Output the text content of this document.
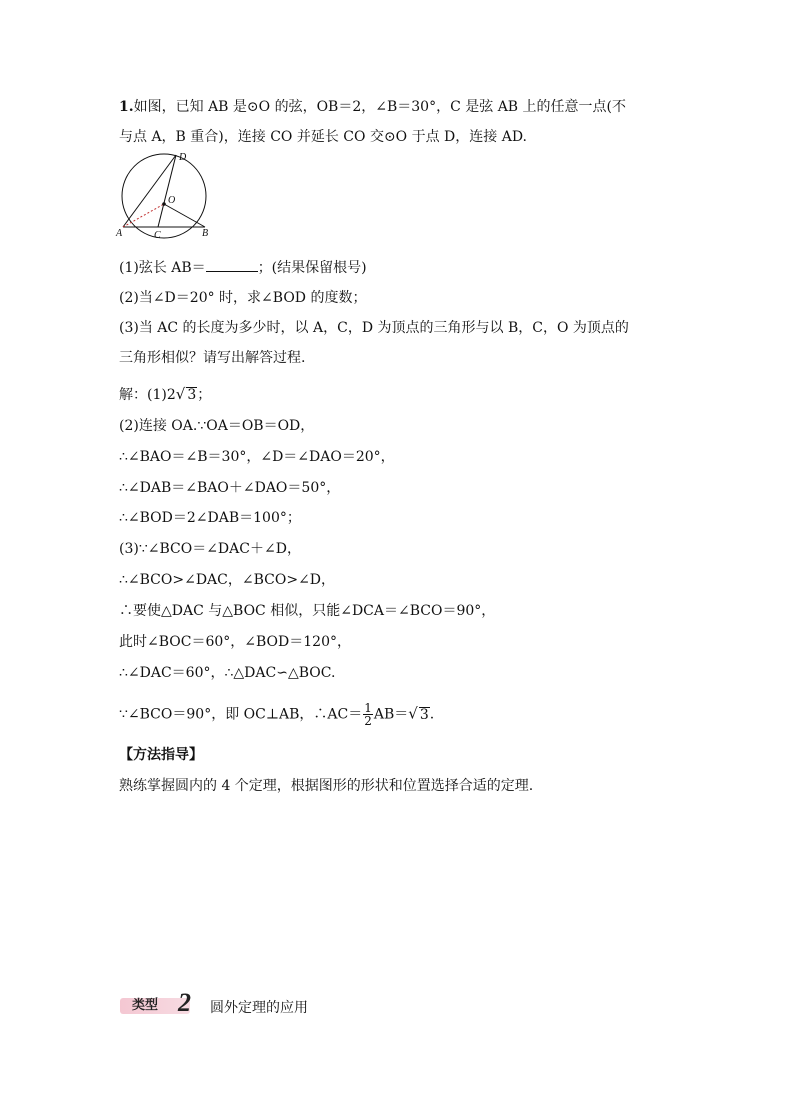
1.如图，已知 AB 是⊙O 的弦，OB＝2，∠B＝30°，C 是弦 AB 上的任意一点(不
与点 A，B 重合)，连接 CO 并延长 CO 交⊙O 于点 D，连接 AD.
D
O
A	C	B
(1)弦长 AB＝	；(结果保留根号)
(2)当∠D＝20° 时，求∠BOD 的度数；
(3)当 AC 的长度为多少时，以 A，C，D 为顶点的三角形与以 B，C，O 为顶点的
三角形相似？请写出解答过程.
解：(1)2√ 3；
(2)连接 OA.∵OA＝OB＝OD，
∴∠BAO＝∠B＝30°，∠D＝∠DAO＝20°，
∴∠DAB＝∠BAO＋∠DAO＝50°，
∴∠BOD＝2∠DAB＝100°；
(3)∵∠BCO＝∠DAC＋∠D，
∴∠BCO>∠DAC，∠BCO>∠D，
∴要使△DAC 与△BOC 相似，只能∠DCA＝∠BCO＝90°，
此时∠BOC＝60°，∠BOD＝120°，
∴∠DAC＝60°，∴△DAC∽△BOC.
∵∠BCO＝90°，即 OC⊥AB，∴AC＝ $\frac{1}{2} AB=√$ 3.
【方法指导】
熟练掌握圆内的 4 个定理，根据图形的形状和位置选择合适的定理.
类型 2 圆外定理的应用
